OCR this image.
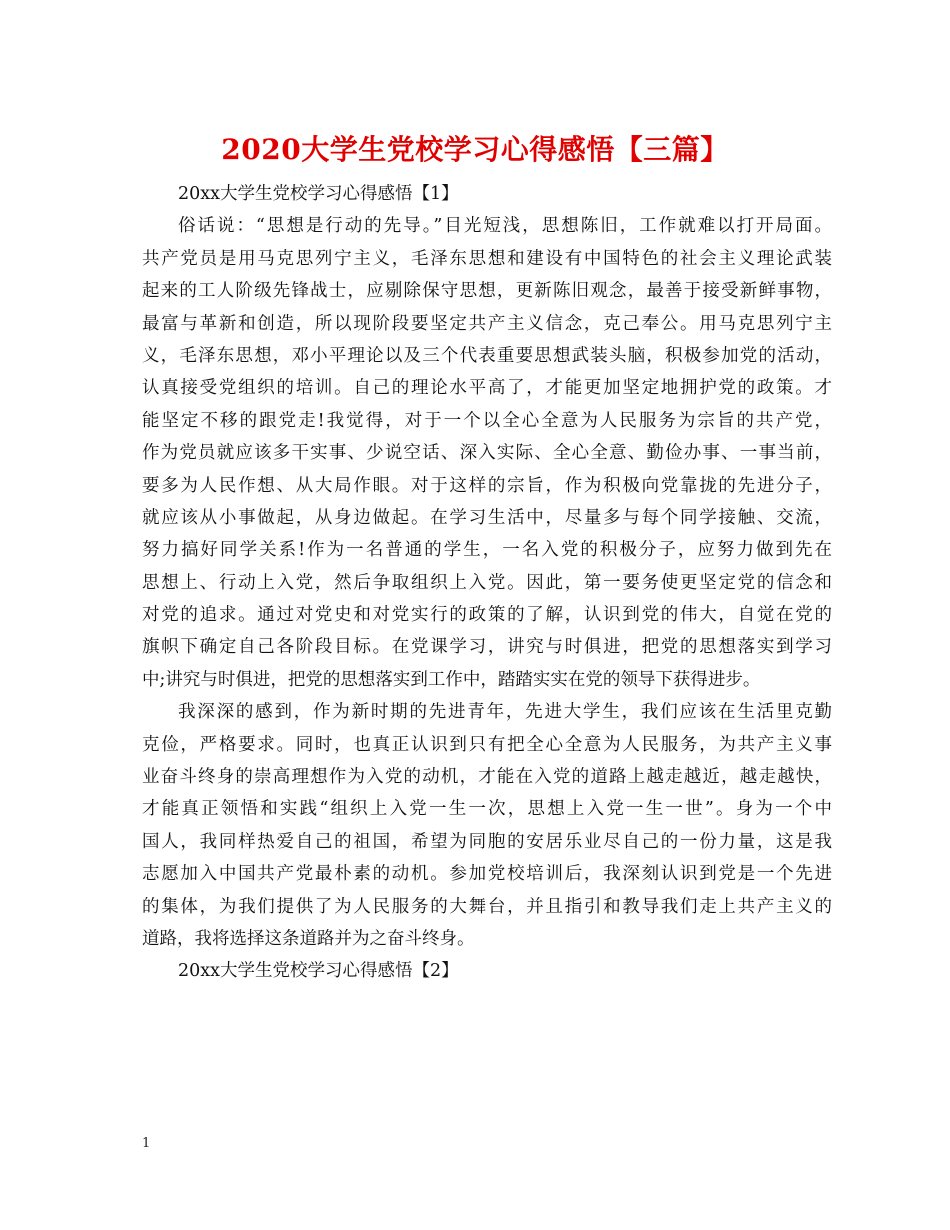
2020大学生党校学习心得感悟【三篇】
20xx大学生党校学习心得感悟【1】

俗话说：“思想是行动的先导。”目光短浅，思想陈旧，工作就难以打开局面。
共产党员是用马克思列宁主义，毛泽东思想和建设有中国特色的社会主义理论武装
起来的工人阶级先锋战士，应剔除保守思想，更新陈旧观念，最善于接受新鲜事物，
最富与革新和创造，所以现阶段要坚定共产主义信念，克己奉公。用马克思列宁主
义，毛泽东思想，邓小平理论以及三个代表重要思想武装头脑，积极参加党的活动，
认真接受党组织的培训。自己的理论水平高了，才能更加坚定地拥护党的政策。才
能坚定不移的跟党走!我觉得，对于一个以全心全意为人民服务为宗旨的共产党，
作为党员就应该多干实事、少说空话、深入实际、全心全意、勤俭办事、一事当前，
要多为人民作想、从大局作眼。对于这样的宗旨，作为积极向党靠拢的先进分子，
就应该从小事做起，从身边做起。在学习生活中，尽量多与每个同学接触、交流，
努力搞好同学关系!作为一名普通的学生，一名入党的积极分子，应努力做到先在
思想上、行动上入党，然后争取组织上入党。因此，第一要务使更坚定党的信念和
对党的追求。通过对党史和对党实行的政策的了解，认识到党的伟大，自觉在党的
旗帜下确定自己各阶段目标。在党课学习，讲究与时俱进，把党的思想落实到学习
中;讲究与时俱进，把党的思想落实到工作中，踏踏实实在党的领导下获得进步。

我深深的感到，作为新时期的先进青年，先进大学生，我们应该在生活里克勤
克俭，严格要求。同时，也真正认识到只有把全心全意为人民服务，为共产主义事
业奋斗终身的崇高理想作为入党的动机，才能在入党的道路上越走越近，越走越快，
才能真正领悟和实践“组织上入党一生一次，思想上入党一生一世”。身为一个中
国人，我同样热爱自己的祖国，希望为同胞的安居乐业尽自己的一份力量，这是我
志愿加入中国共产党最朴素的动机。参加党校培训后，我深刻认识到党是一个先进
的集体，为我们提供了为人民服务的大舞台，并且指引和教导我们走上共产主义的
道路，我将选择这条道路并为之奋斗终身。

20xx大学生党校学习心得感悟【2】
1
